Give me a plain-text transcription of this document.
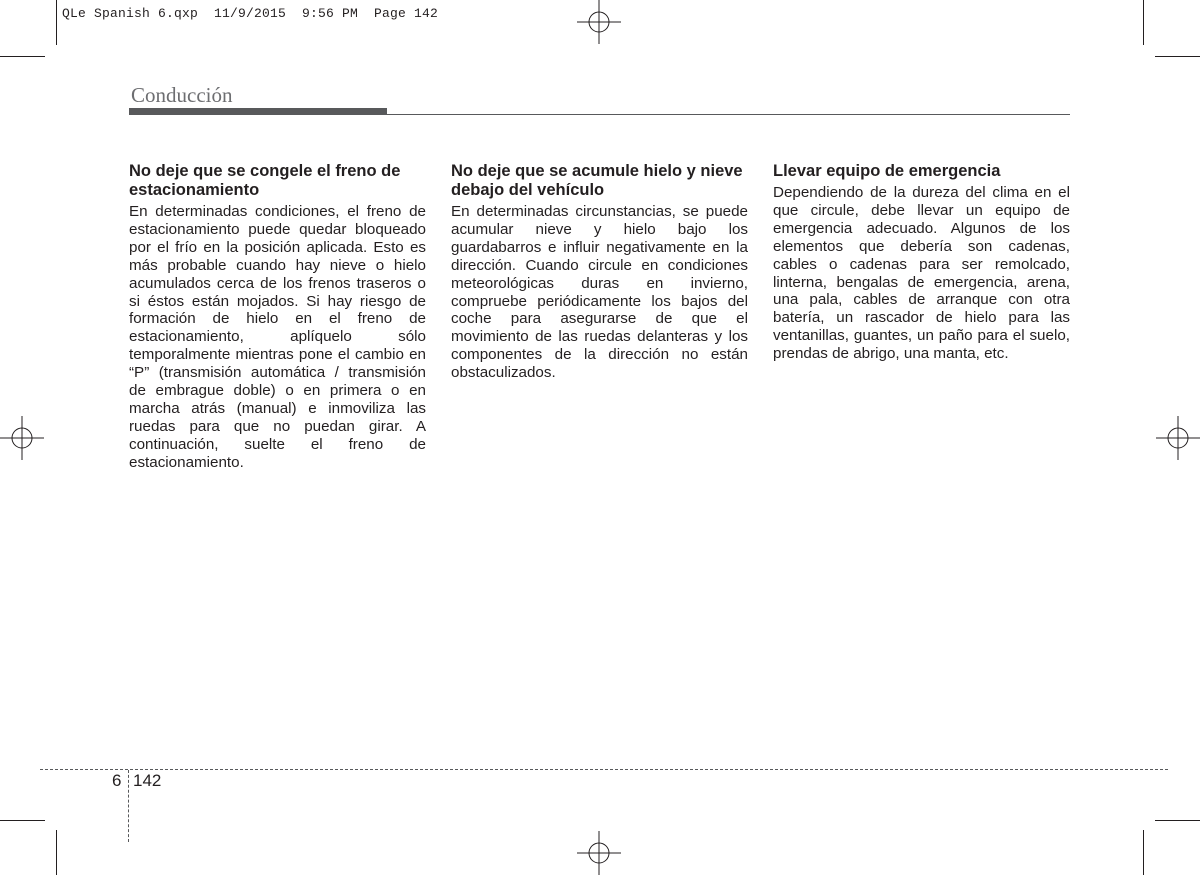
QLe Spanish 6.qxp  11/9/2015  9:56 PM  Page 142
Conducción
No deje que se congele el freno de estacionamiento

En determinadas condiciones, el freno de estacionamiento puede quedar bloqueado por el frío en la posición aplicada. Esto es más probable cuando hay nieve o hielo acumulados cerca de los frenos traseros o si éstos están mojados. Si hay riesgo de formación de hielo en el freno de estacionamiento, aplíquelo sólo temporalmente mientras pone el cambio en “P” (transmisión automática / transmisión de embrague doble) o en primera o en marcha atrás (manual) e inmoviliza las ruedas para que no puedan girar. A continuación, suelte el freno de estacionamiento.

No deje que se acumule hielo y nieve debajo del vehículo

En determinadas circunstancias, se puede acumular nieve y hielo bajo los guardabarros e influir negativamente en la dirección. Cuando circule en condiciones meteorológicas duras en invierno, compruebe periódicamente los bajos del coche para asegurarse de que el movimiento de las ruedas delanteras y los componentes de la dirección no están obstaculizados.

Llevar equipo de emergencia

Dependiendo de la dureza del clima en el que circule, debe llevar un equipo de emergencia adecuado. Algunos de los elementos que debería son cadenas, cables o cadenas para ser remolcado, linterna, bengalas de emergencia, arena, una pala, cables de arranque con otra batería, un rascador de hielo para las ventanillas, guantes, un paño para el suelo, prendas de abrigo, una manta, etc.

6 142
